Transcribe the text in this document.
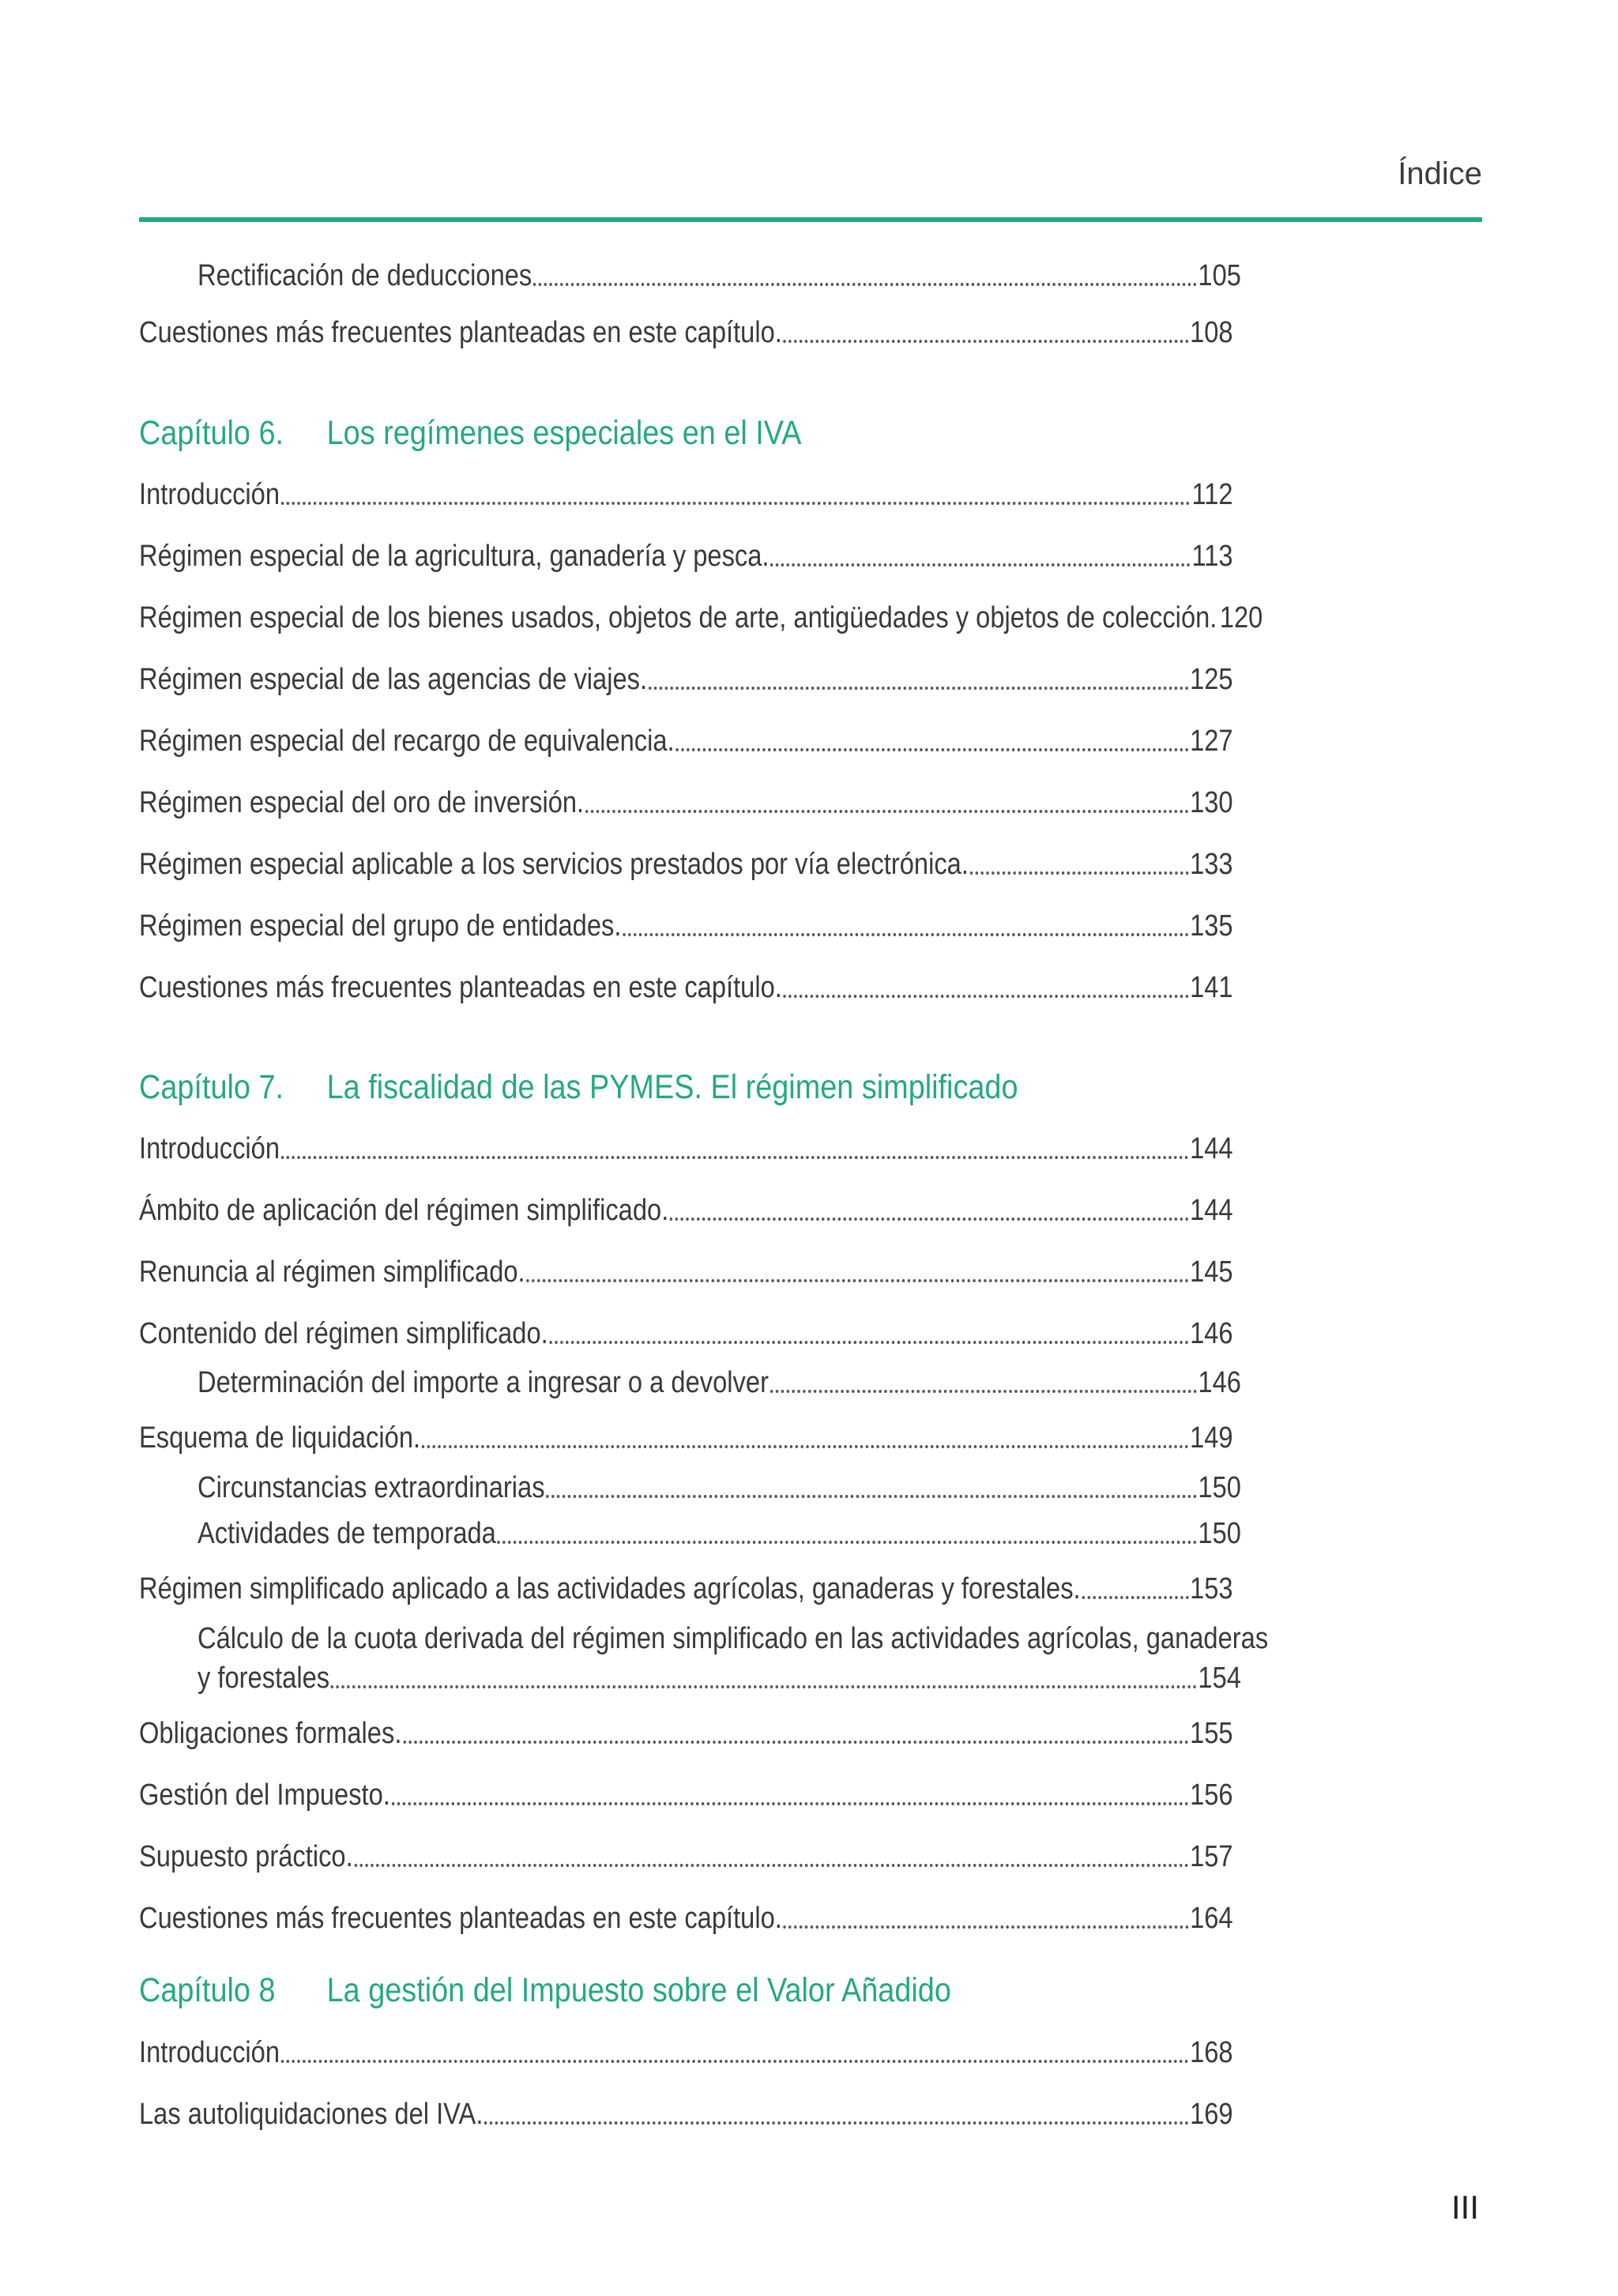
Índice
Rectificación de deducciones	105
Cuestiones más frecuentes planteadas en este capítulo.	108
Capítulo 6. Los regímenes especiales en el IVA
Introducción	112
Régimen especial de la agricultura, ganadería y pesca.	113
Régimen especial de los bienes usados, objetos de arte, antigüedades y objetos de colección. 120
Régimen especial de las agencias de viajes.	125
Régimen especial del recargo de equivalencia.	127
Régimen especial del oro de inversión.	130
Régimen especial aplicable a los servicios prestados por vía electrónica.	133
Régimen especial del grupo de entidades.	135
Cuestiones más frecuentes planteadas en este capítulo.	141
Capítulo 7. La fiscalidad de las PYMES. El régimen simplificado
Introducción	144
Ámbito de aplicación del régimen simplificado.	144
Renuncia al régimen simplificado.	145
Contenido del régimen simplificado.	146
Determinación del importe a ingresar o a devolver	146
Esquema de liquidación.	149
Circunstancias extraordinarias	150
Actividades de temporada	150
Régimen simplificado aplicado a las actividades agrícolas, ganaderas y forestales.	153
Cálculo de la cuota derivada del régimen simplificado en las actividades agrícolas, ganaderas
y forestales	154
Obligaciones formales.	155
Gestión del Impuesto.	156
Supuesto práctico.	157
Cuestiones más frecuentes planteadas en este capítulo.	164
Capítulo 8 La gestión del Impuesto sobre el Valor Añadido
Introducción	168
Las autoliquidaciones del IVA.	169
III
